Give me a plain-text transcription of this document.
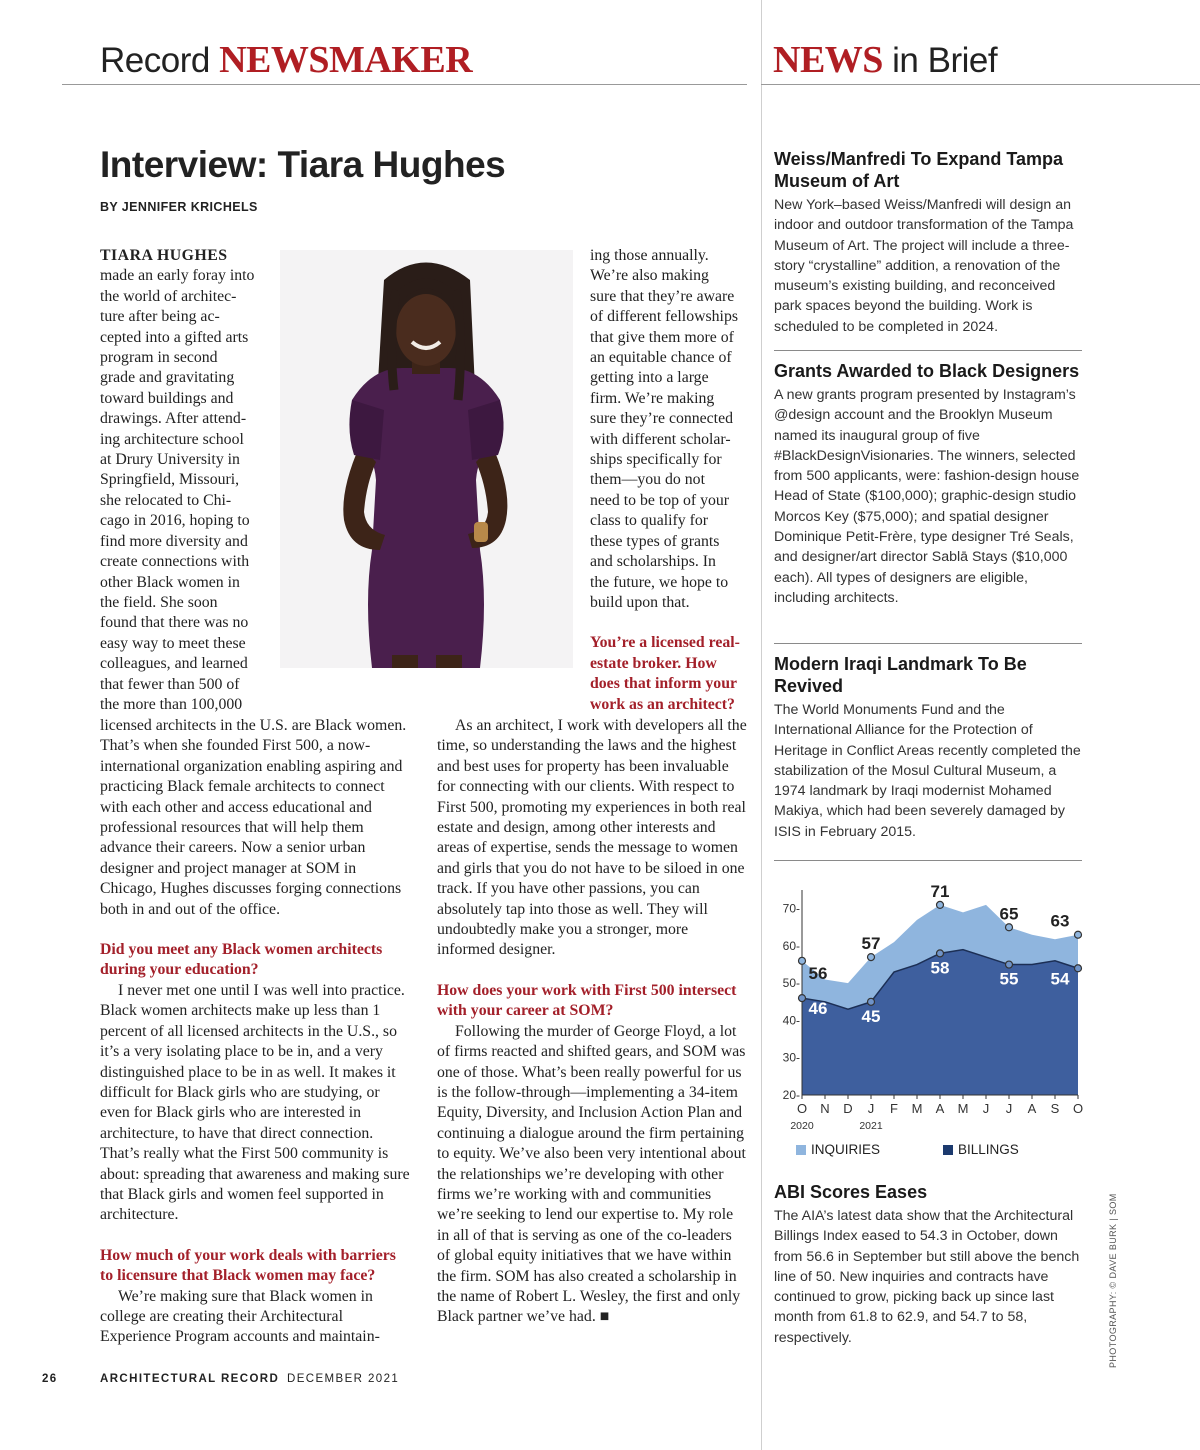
Record NEWSMAKER	NEWS in Brief
Interview: Tiara Hughes
BY JENNIFER KRICHELS
TIARA HUGHES
made an early foray into
the world of architec-
ture after being ac-
cepted into a gifted arts
program in second
grade and gravitating
toward buildings and
drawings. After attend-
ing architecture school
at Drury University in
Springfield, Missouri,
she relocated to Chi-
cago in 2016, hoping to
find more diversity and
create connections with
other Black women in
the field. She soon
found that there was no
easy way to meet these
colleagues, and learned
that fewer than 500 of
the more than 100,000

licensed architects in the U.S. are Black women. That’s when she founded First 500, a now-international organization enabling aspiring and practicing Black female architects to connect with each other and access educational and professional resources that will help them advance their careers. Now a senior urban designer and project manager at SOM in Chicago, Hughes discusses forging connections both in and out of the office.

Did you meet any Black women architects during your education?

I never met one until I was well into practice. Black women architects make up less than 1 percent of all licensed architects in the U.S., so it’s a very isolating place to be in, and a very distinguished place to be in as well. It makes it difficult for Black girls who are studying, or even for Black girls who are interested in architecture, to have that direct connection. That’s really what the First 500 community is about: spreading that awareness and making sure that Black girls and women feel supported in architecture.

How much of your work deals with barriers to licensure that Black women may face?

We’re making sure that Black women in college are creating their Architectural Experience Program accounts and maintain-

ing those annually.
We’re also making
sure that they’re aware
of different fellowships
that give them more of
an equitable chance of
getting into a large
firm. We’re making
sure they’re connected
with different scholar-
ships specifically for
them—you do not
need to be top of your
class to qualify for
these types of grants
and scholarships. In
the future, we hope to
build upon that.

You’re a licensed real-estate broker. How does that inform your work as an architect?

As an architect, I work with developers all the time, so understanding the laws and the highest and best uses for property has been invaluable for connecting with our clients. With respect to First 500, promoting my experiences in both real estate and design, among other interests and areas of expertise, sends the message to women and girls that you do not have to be siloed in one track. If you have other passions, you can absolutely tap into those as well. They will undoubtedly make you a stronger, more informed designer.

How does your work with First 500 intersect with your career at SOM?

Following the murder of George Floyd, a lot of firms reacted and shifted gears, and SOM was one of those. What’s been really powerful for us is the follow-through—implementing a 34-item Equity, Diversity, and Inclusion Action Plan and continuing a dialogue around the firm pertaining to equity. We’ve also been very intentional about the relationships we’re developing with other firms we’re working with and communities we’re seeking to lend our expertise to. My role in all of that is serving as one of the co-leaders of global equity initiatives that we have within the firm. SOM has also created a scholarship in the name of Robert L. Wesley, the first and only Black partner we’ve had. ■

Weiss/Manfredi To Expand Tampa Museum of Art

New York–based Weiss/Manfredi will design an indoor and outdoor transformation of the Tampa Museum of Art. The project will include a three-story “crystalline” addition, a renovation of the museum’s existing building, and reconceived park spaces beyond the building. Work is scheduled to be completed in 2024.

Grants Awarded to Black Designers

A new grants program presented by Instagram’s @design account and the Brooklyn Museum named its inaugural group of five #BlackDesignVisionaries. The winners, selected from 500 applicants, were: fashion-design house Head of State ($100,000); graphic-design studio Morcos Key ($75,000); and spatial designer Dominique Petit-Frère, type designer Tré Seals, and designer/art director Sablā Stays ($10,000 each). All types of designers are eligible, including architects.

Modern Iraqi Landmark To Be Revived

The World Monuments Fund and the International Alliance for the Protection of Heritage in Conflict Areas recently completed the stabilization of the Mosul Cultural Museum, a 1974 landmark by Iraqi modernist Mohamed Makiya, which had been severely damaged by ISIS in February 2015.

20-
30-
40-
50-
60-
70-
O N D J F M A M J J A S O
2020	2021
56
57
71
65 63
46 45
58
55 54
INQUIRIES	BILLINGS
ABI Scores Eases

The AIA’s latest data show that the Architectural Billings Index eased to 54.3 in October, down from 56.6 in September but still above the bench line of 50. New inquiries and contracts have continued to grow, picking back up since last month from 61.8 to 62.9, and 54.7 to 58, respectively.	PHOTOGRAPHY: © DAVE BURK | SOM
26	ARCHITECTURAL RECORD DECEMBER 2021
